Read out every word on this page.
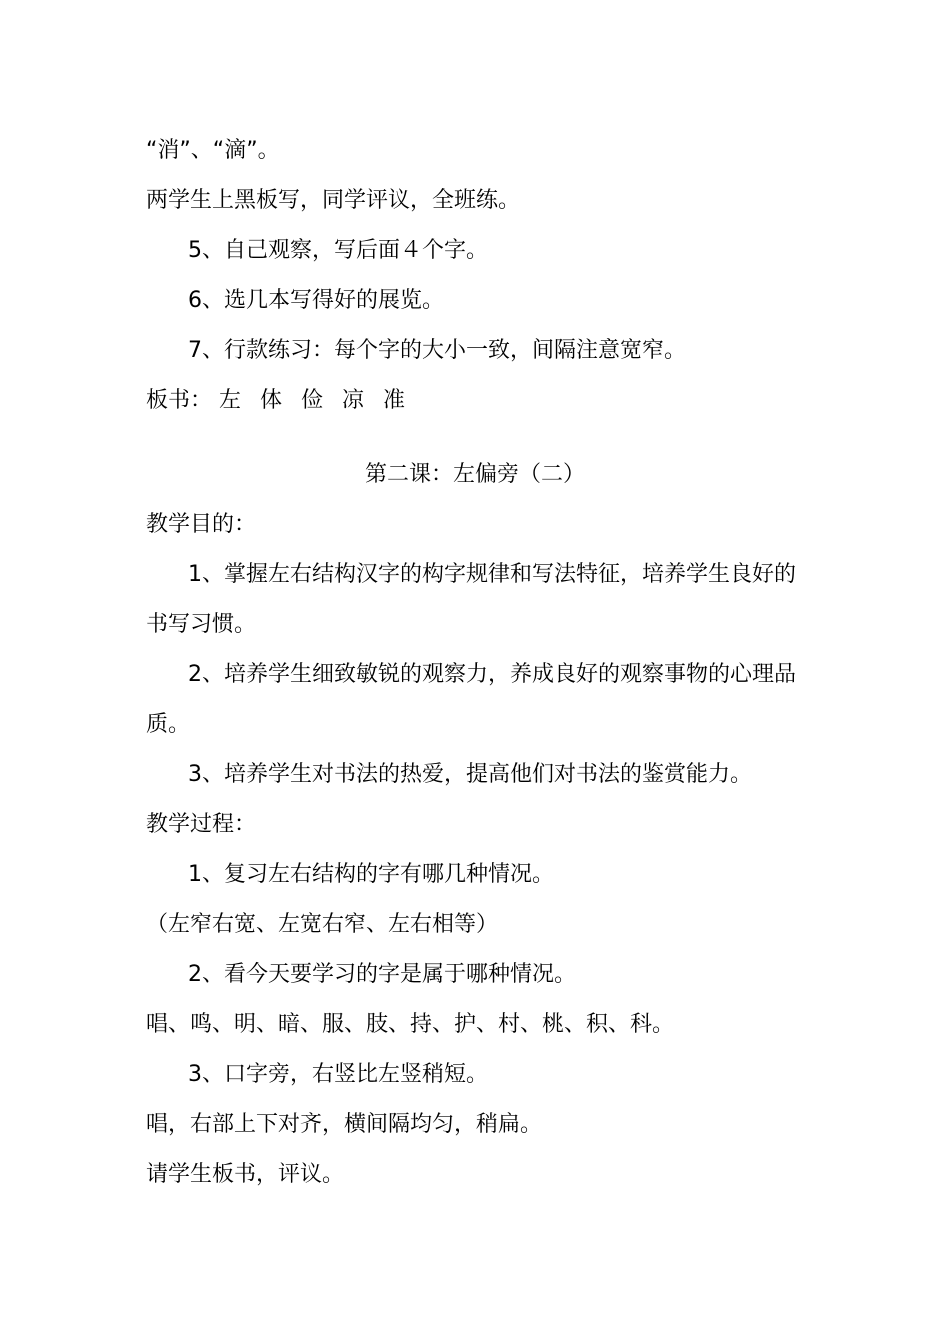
“消”、“滴”。
两学生上黑板写，同学评议，全班练。
5、自己观察，写后面４个字。
6、选几本写得好的展览。
7、行款练习：每个字的大小一致，间隔注意宽窄。
板书： 左 体 俭 凉 准
第二课：左偏旁（二）
教学目的：
1、掌握左右结构汉字的构字规律和写法特征，培养学生良好的
书写习惯。
2、培养学生细致敏锐的观察力，养成良好的观察事物的心理品
质。
3、培养学生对书法的热爱，提高他们对书法的鉴赏能力。
教学过程：
1、复习左右结构的字有哪几种情况。
（左窄右宽、左宽右窄、左右相等）
2、看今天要学习的字是属于哪种情况。
唱、鸣、明、暗、服、肢、持、护、村、桃、积、科。
3、口字旁，右竖比左竖稍短。
唱，右部上下对齐，横间隔均匀，稍扁。
请学生板书，评议。
